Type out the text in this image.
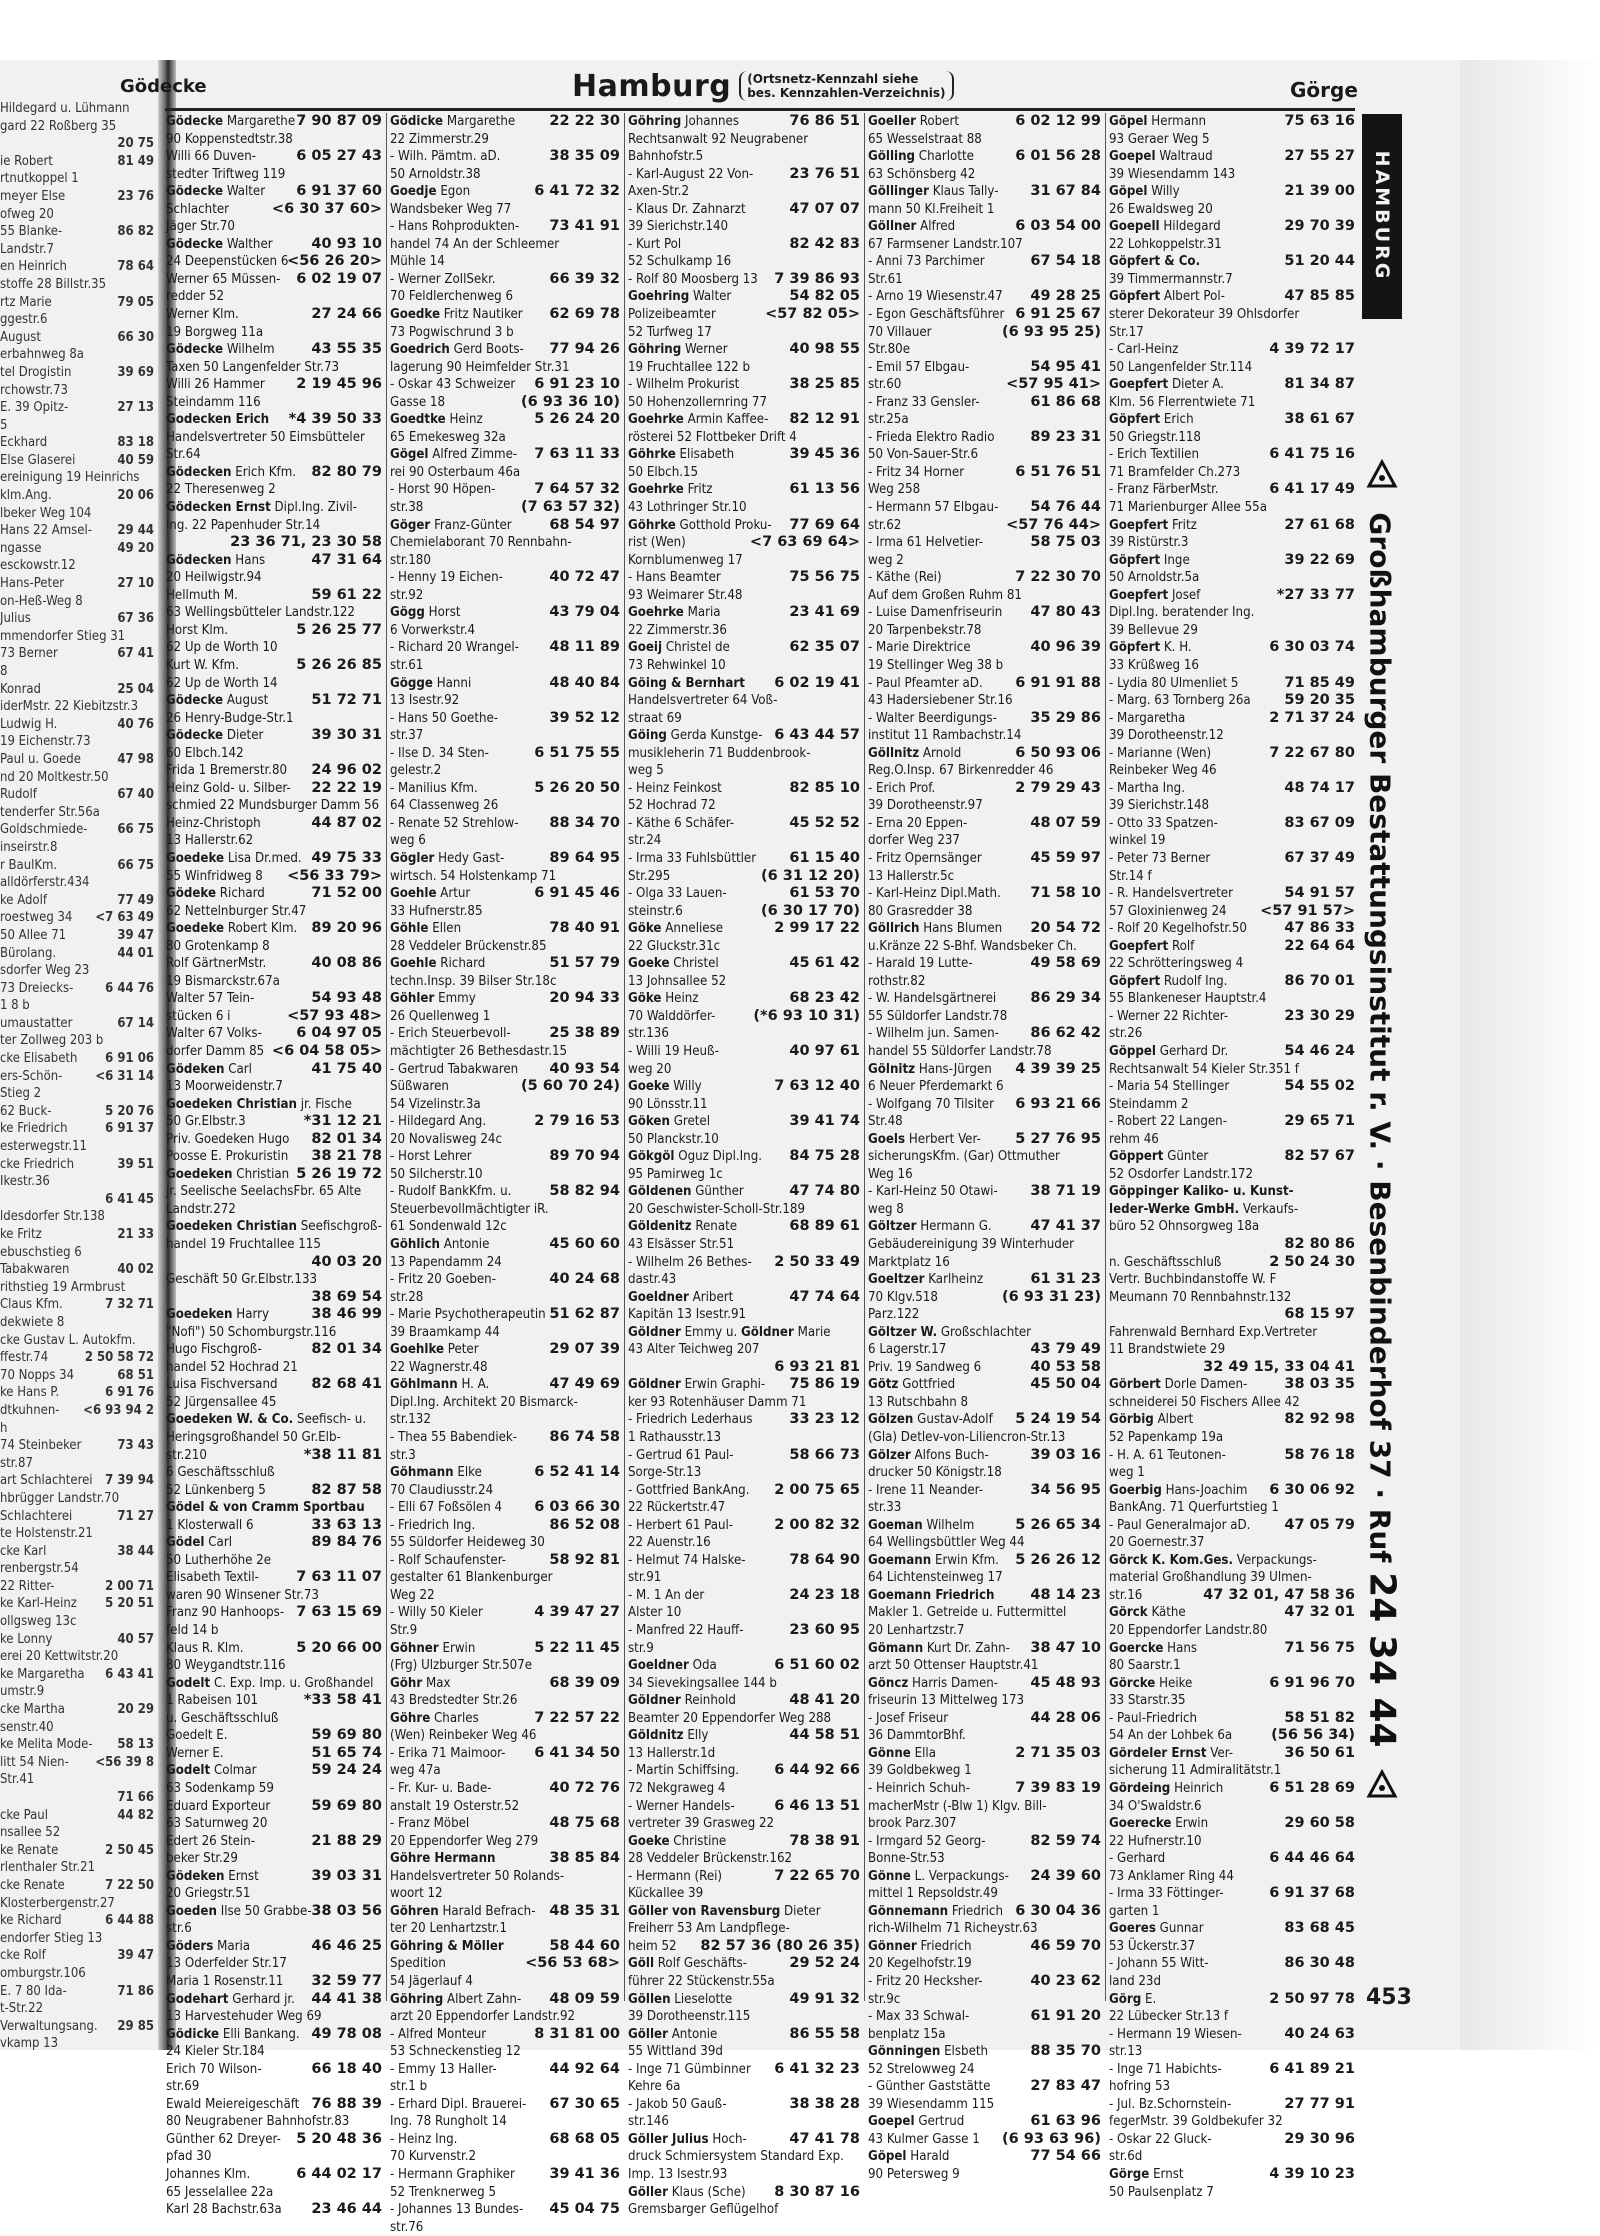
Hildegard u. Lühmann
gard 22 Roßberg 35
20 75
ie Robert	81 49
rtnutkoppel 1
meyer Else	23 76
ofweg 20
55 Blanke-	86 82
Landstr.7
en Heinrich	78 64
stoffe 28 Billstr.35
rtz Marie	79 05
ggestr.6
August	66 30
erbahnweg 8a
tel Drogistin	39 69
rchowstr.73
E. 39 Opitz-	27 13
5
Eckhard	83 18
Else Glaserei	40 59
ereinigung 19 Heinrichs
klm.Ang.	20 06
lbeker Weg 104
Hans 22 Amsel- 29 44
ngasse	49 20
esckowstr.12
Hans-Peter	27 10
on-Heß-Weg 8
Julius	67 36
mmendorfer Stieg 31
73 Berner	67 41
8
Konrad	25 04
iderMstr. 22 Kiebitzstr.3
Ludwig H.	40 76
19 Eichenstr.73
Paul u. Goede	47 98
nd 20 Moltkestr.50
Rudolf	67 40
tenderfer Str.56a
Goldschmiede- 66 75
inseirstr.8
r BaulKm.	66 75
alldörferstr.434
ke Adolf	77 49
roestweg 34 <7 63 49
50 Allee 71	39 47
Bürolang.	44 01
sdorfer Weg 23
73 Dreiecks- 6 44 76
1 8 b
umaustatter	67 14
ter Zollweg 203 b
cke Elisabeth 6 91 06
ers-Schön-	<6 31 14
Stieg 2
62 Buck-	5 20 76
ke Friedrich	6 91 37
esterwegstr.11
cke Friedrich	39 51
Ikestr.36
6 41 45
ldesdorfer Str.138
ke Fritz	21 33
ebuschstieg 6
Tabakwaren	40 02
rithstieg 19 Armbrust
Claus Kfm.	7 32 71
dekwiete 8
cke Gustav L. Autokfm.
ffestr.74	2 50 58 72
70 Nopps 34	68 51
ke Hans P.	6 91 76
dtkuhnen- <6 93 94 2
h
74 Steinbeker	73 43
str.87
art Schlachterei 7 39 94
hbrügger Landstr.70
Schlachterei	71 27
te Holstenstr.21
cke Karl	38 44
renbergstr.54
22 Ritter-	2 00 71
ke Karl-Heinz 5 20 51
ollgsweg 13c
ke Lonny	40 57
erei 20 Kettwitstr.20
ke Margaretha 6 43 41
umstr.9
cke Martha	20 29
senstr.40
ke Melita Mode- 58 13
litt 54 Nien- <56 39 8
Str.41
71 66
cke Paul	44 82
nsallee 52
ke Renate	2 50 45
rlenthaler Str.21
cke Renate	7 22 50
Klosterbergenstr.27
ke Richard	6 44 88
endorfer Stieg 13
cke Rolf	39 47
omburgstr.106
E. 7 80 Ida-	71 86
t-Str.22
Verwaltungsang. 29 85
vkamp 13
Gödecke	Hamburg	(Ortsnetz-Kennzahl siehe
bes. Kennzahlen-Verzeichnis)	Görge
Gödecke Margarethe 7 90 87 09
90 Koppenstedtstr.38
Willi 66 Duven-	6 05 27 43
stedter Triftweg 119
Gödecke Walter	6 91 37 60
Schlachter	<6 30 37 60>
Jäger Str.70
Gödecke Walther	40 93 10
24 Deepenstücken 6
<56 26 20>
Werner 65 Müssen-	6 02 19 07
redder 52
Werner Klm.	27 24 66
19 Borgweg 11a
Gödecke Wilhelm	43 55 35
Taxen 50 Langenfelder Str.73
Willi 26 Hammer	2 19 45 96
Steindamm 116
Godecken Erich	*4 39 50 33
Handelsvertreter 50 Eimsbütteler
Str.64
Gödecken Erich Kfm.	82 80 79
22 Theresenweg 2
Gödecken Ernst Dipl.Ing. Zivil-
ing. 22 Papenhuder Str.14
23 36 71, 23 30 58
Gödecken Hans	47 31 64
20 Heilwigstr.94
Hellmuth M.	59 61 22
63 Wellingsbütteler Landstr.122
Horst Klm.	5 26 25 77
62 Up de Worth 10
Kurt W. Kfm.	5 26 26 85
62 Up de Worth 14
Gödecke August	51 72 71
26 Henry-Budge-Str.1
Gödecke Dieter	39 30 31
60 Elbch.142
Frida 1 Bremerstr.80	24 96 02
Heinz Gold- u. Silber-	22 22 19
schmied 22 Mundsburger Damm 56
Heinz-Christoph	44 87 02
13 Hallerstr.62
Goedeke Lisa Dr.med. 49 75 33
55 Winfridweg 8	<56 33 79>
Gödeke Richard	71 52 00
62 Nettelnburger Str.47
Goedeke Robert Klm. 89 20 96
80 Grotenkamp 8
Rolf GärtnerMstr.	40 08 86
19 Bismarckstr.67a
Walter 57 Tein-	54 93 48
stücken 6 i	<57 93 48>
Walter 67 Volks-	6 04 97 05
dorfer Damm 85 <6 04 58 05>
Gödeken Carl	41 75 40
13 Moorweidenstr.7
Goedeken Christian jr. Fische
50 Gr.Elbstr.3	*31 12 21
Priv. Goedeken Hugo	82 01 34
Poosse E. Prokuristin	38 21 78
Goedeken Christian 5 26 19 72
jr. Seelische SeelachsFbr. 65 Alte
Landstr.272
Goedeken Christian Seefischgroß-
handel 19 Fruchtallee 115
40 03 20
Geschäft 50 Gr.Elbstr.133
38 69 54
Goedeken Harry	38 46 99
"Nofi") 50 Schomburgstr.116
Hugo Fischgroß-	82 01 34
handel 52 Hochrad 21
Luisa Fischversand	82 68 41
52 Jürgensallee 45
Goedeken W. & Co. Seefisch- u.
Heringsgroßhandel 50 Gr.Elb-
str.210	*38 11 81
6 Geschäftsschluß
52 Lünkenberg 5	82 87 58
Gödel & von Cramm Sportbau
1 Klosterwall 6	33 63 13
Gödel Carl	89 84 76
50 Lutherhöhe 2e
Elisabeth Textil-	7 63 11 07
waren 90 Winsener Str.73
Franz 90 Hanhoops- 7 63 15 69
feld 14 b
Klaus R. Klm.	5 20 66 00
80 Weygandtstr.116
Godelt C. Exp. Imp. u. Großhandel
1 Rabeisen 101	*33 58 41
u. Geschäftsschluß
Goedelt E.	59 69 80
Werner E.	51 65 74
Godelt Colmar	59 24 24
63 Sodenkamp 59
Eduard Exporteur	59 69 80
63 Saturnweg 20
Edert 26 Stein-	21 88 29
beker Str.29
Gödeken Ernst	39 03 31
20 Griegstr.51
Goeden Ilse 50 Grabbe- 38 03 56
str.6
Göders Maria	46 46 25
13 Oderfelder Str.17
Maria 1 Rosenstr.11	32 59 77
Godehart Gerhard jr.	44 41 38
13 Harvestehuder Weg 69
Gödicke Elli Bankang. 49 78 08
24 Kieler Str.184
Erich 70 Wilson-	66 18 40
str.69
Ewald Meiereigeschäft 76 88 39
80 Neugrabener Bahnhofstr.83
Günther 62 Dreyer-	5 20 48 36
pfad 30
Johannes Klm.	6 44 02 17
65 Jesselallee 22a
Karl 28 Bachstr.63a	23 46 44
Gödicke Margarethe	22 22 30
22 Zimmerstr.29
- Wilh. Pämtm. aD.	38 35 09
50 Arnoldstr.38
Goedje Egon	6 41 72 32
Wandsbeker Weg 77
- Hans Rohprodukten-	73 41 91
handel 74 An der Schleemer
Mühle 14
- Werner ZollSekr.	66 39 32
70 Feldlerchenweg 6
Goedke Fritz Nautiker	62 69 78
73 Pogwischrund 3 b
Goedrich Gerd Boots-	77 94 26
lagerung 90 Heimfelder Str.31
- Oskar 43 Schweizer	6 91 23 10
Gasse 18	(6 93 36 10)
Goedtke Heinz	5 26 24 20
65 Emekesweg 32a
Gögel Alfred Zimme-	7 63 11 33
rei 90 Osterbaum 46a
- Horst 90 Höpen-	7 64 57 32
str.38	(7 63 57 32)
Göger Franz-Günter	68 54 97
Chemielaborant 70 Rennbahn-
str.180
- Henny 19 Eichen-	40 72 47
str.92
Gögg Horst	43 79 04
6 Vorwerkstr.4
- Richard 20 Wrangel-	48 11 89
str.61
Gögge Hanni	48 40 84
13 Isestr.92
- Hans 50 Goethe-	39 52 12
str.37
- Ilse D. 34 Sten-	6 51 75 55
gelestr.2
- Manilius Kfm.	5 26 20 50
64 Classenweg 26
- Renate 52 Strehlow-	88 34 70
weg 6
Gögler Hedy Gast-	89 64 95
wirtsch. 54 Holstenkamp 71
Goehle Artur	6 91 45 46
33 Hufnerstr.85
Göhle Ellen	78 40 91
28 Veddeler Brückenstr.85
Goehle Richard	51 57 79
techn.Insp. 39 Bilser Str.18c
Göhler Emmy	20 94 33
26 Quellenweg 1
- Erich Steuerbevoll-	25 38 89
mächtigter 26 Bethesdastr.15
- Gertrud Tabakwaren	40 93 54
Süßwaren	(5 60 70 24)
54 Vizelinstr.3a
- Hildegard Ang.	2 79 16 53
20 Novalisweg 24c
- Horst Lehrer	89 70 94
50 Silcherstr.10
- Rudolf BankKfm. u.	58 82 94
Steuerbevollmächtigter iR.
61 Sondenwald 12c
Göhlich Antonie	45 60 60
13 Papendamm 24
- Fritz 20 Goeben-	40 24 68
str.28
- Marie Psychotherapeutin 51 62 87
39 Braamkamp 44
Goehlke Peter	29 07 39
22 Wagnerstr.48
Göhlmann H. A.	47 49 69
Dipl.Ing. Architekt 20 Bismarck-
str.132
- Thea 55 Babendiek-	86 74 58
str.3
Göhmann Elke	6 52 41 14
70 Claudiusstr.24
- Elli 67 Foßsölen 4	6 03 66 30
- Friedrich Ing.	86 52 08
55 Süldorfer Heideweg 30
- Rolf Schaufenster-	58 92 81
gestalter 61 Blankenburger
Weg 22
- Willy 50 Kieler	4 39 47 27
Str.9
Göhner Erwin	5 22 11 45
(Frg) Ulzburger Str.507e
Göhr Max	68 39 09
43 Bredstedter Str.26
Göhre Charles	7 22 57 22
(Wen) Reinbeker Weg 46
- Erika 71 Maimoor-	6 41 34 50
weg 47a
- Fr. Kur- u. Bade-	40 72 76
anstalt 19 Osterstr.52
- Franz Möbel	48 75 68
20 Eppendorfer Weg 279
Göhre Hermann	38 85 84
Handelsvertreter 50 Rolands-
woort 12
Göhren Harald Befrach- 48 35 31
ter 20 Lenhartzstr.1
Göhring & Möller	58 44 60
Spedition	<56 53 68>
54 Jägerlauf 4
Göhring Albert Zahn-	48 09 59
arzt 20 Eppendorfer Landstr.92
- Alfred Monteur	8 31 81 00
53 Schneckenstieg 12
- Emmy 13 Haller-	44 92 64
str.1 b
- Erhard Dipl. Brauerei-	67 30 65
Ing. 78 Rungholt 14
- Heinz Ing.	68 68 05
70 Kurvenstr.2
- Hermann Graphiker	39 41 36
52 Trenknerweg 5
- Johannes 13 Bundes-	45 04 75
str.76
Göhring Johannes	76 86 51
Rechtsanwalt 92 Neugrabener
Bahnhofstr.5
- Karl-August 22 Von-	23 76 51
Axen-Str.2
- Klaus Dr. Zahnarzt	47 07 07
39 Sierichstr.140
- Kurt Pol	82 42 83
52 Schulkamp 16
- Rolf 80 Moosberg 13	7 39 86 93
Goehring Walter	54 82 05
Polizeibeamter	<57 82 05>
52 Turfweg 17
Göhring Werner	40 98 55
19 Fruchtallee 122 b
- Wilhelm Prokurist	38 25 85
50 Hohenzollernring 77
Goehrke Armin Kaffee-	82 12 91
rösterei 52 Flottbeker Drift 4
Göhrke Elisabeth	39 45 36
50 Elbch.15
Goehrke Fritz	61 13 56
43 Lothringer Str.10
Göhrke Gotthold Proku-	77 69 64
rist (Wen)	<7 63 69 64>
Kornblumenweg 17
- Hans Beamter	75 56 75
93 Weimarer Str.48
Goehrke Maria	23 41 69
22 Zimmerstr.36
Goeij Christel de	62 35 07
73 Rehwinkel 10
Göing & Bernhart	6 02 19 41
Handelsvertreter 64 Voß-
straat 69
Göing Gerda Kunstge- 6 43 44 57
musikleherin 71 Buddenbrook-
weg 5
- Heinz Feinkost	82 85 10
52 Hochrad 72
- Käthe 6 Schäfer-	45 52 52
str.24
- Irma 33 Fuhlsbüttler	61 15 40
Str.295	(6 31 12 20)
- Olga 33 Lauen-	61 53 70
steinstr.6	(6 30 17 70)
Göke Anneliese	2 99 17 22
22 Gluckstr.31c
Goeke Christel	45 61 42
13 Johnsallee 52
Göke Heinz	68 23 42
70 Walddörfer-	(*6 93 10 31)
str.136
- Willi 19 Heuß-	40 97 61
weg 20
Goeke Willy	7 63 12 40
90 Lönsstr.11
Göken Gretel	39 41 74
50 Planckstr.10
Gökgöl Oguz Dipl.Ing.	84 75 28
95 Pamirweg 1c
Göldenen Günther	47 74 80
20 Geschwister-Scholl-Str.189
Göldenitz Renate	68 89 61
43 Elsässer Str.51
- Wilhelm 26 Bethes-	2 50 33 49
dastr.43
Goeldner Aribert	47 74 64
Kapitän 13 Isestr.91
Göldner Emmy u. Göldner Marie
43 Alter Teichweg 207
6 93 21 81
Göldner Erwin Graphi-	75 86 19
ker 93 Rotenhäuser Damm 71
- Friedrich Lederhaus	33 23 12
1 Rathausstr.13
- Gertrud 61 Paul-	58 66 73
Sorge-Str.13
- Gottfried BankAng.	2 00 75 65
22 Rückertstr.47
- Herbert 61 Paul-	2 00 82 32
22 Auenstr.16
- Helmut 74 Halske-	78 64 90
str.91
- M. 1 An der	24 23 18
Alster 10
- Manfred 22 Hauff-	23 60 95
str.9
Goeldner Oda	6 51 60 02
34 Sievekingsallee 144 b
Göldner Reinhold	48 41 20
Beamter 20 Eppendorfer Weg 288
Göldnitz Elly	44 58 51
13 Hallerstr.1d
- Martin Schiffsing.	6 44 92 66
72 Nekgraweg 4
- Werner Handels-	6 46 13 51
vertreter 39 Grasweg 22
Goeke Christine	78 38 91
28 Veddeler Brückenstr.162
- Hermann (Rei)	7 22 65 70
Kückallee 39
Göller von Ravensburg Dieter
Freiherr 53 Am Landpflege-
heim 52	82 57 36 (80 26 35)
Göll Rolf Geschäfts-	29 52 24
führer 22 Stückenstr.55a
Göllen Lieselotte	49 91 32
39 Dorotheenstr.115
Göller Antonie	86 55 58
55 Wittland 39d
- Inge 71 Gümbinner	6 41 32 23
Kehre 6a
- Jakob 50 Gauß-	38 38 28
str.146
Göller Julius Hoch-	47 41 78
druck Schmiersystem Standard Exp.
Imp. 13 Isestr.93
Göller Klaus (Sche)	8 30 87 16
Gremsbarger Geflügelhof
Goeller Robert	6 02 12 99
65 Wesselstraat 88
Gölling Charlotte	6 01 56 28
63 Schönsberg 42
Göllinger Klaus Tally-	31 67 84
mann 50 Kl.Freiheit 1
Göllner Alfred	6 03 54 00
67 Farmsener Landstr.107
- Anni 73 Parchimer	67 54 18
Str.61
- Arno 19 Wiesenstr.47	49 28 25
- Egon Geschäftsführer 6 91 25 67
70 Villauer	(6 93 95 25)
Str.80e
- Emil 57 Elbgau-	54 95 41
str.60	<57 95 41>
- Franz 33 Gensler-	61 86 68
str.25a
- Frieda Elektro Radio	89 23 31
50 Von-Sauer-Str.6
- Fritz 34 Horner	6 51 76 51
Weg 258
- Hermann 57 Elbgau-	54 76 44
str.62	<57 76 44>
- Irma 61 Helvetier-	58 75 03
weg 2
- Käthe (Rei)	7 22 30 70
Auf dem Großen Ruhm 81
- Luise Damenfriseurin	47 80 43
20 Tarpenbekstr.78
- Marie Direktrice	40 96 39
19 Stellinger Weg 38 b
- Paul Pfeamter aD.	6 91 91 88
43 Hadersiebener Str.16
- Walter Beerdigungs-	35 29 86
institut 11 Rambachstr.14
Göllnitz Arnold	6 50 93 06
Reg.O.Insp. 67 Birkenredder 46
- Erich Prof.	2 79 29 43
39 Dorotheenstr.97
- Erna 20 Eppen-	48 07 59
dorfer Weg 237
- Fritz Opernsänger	45 59 97
13 Hallerstr.5c
- Karl-Heinz Dipl.Math.	71 58 10
80 Grasredder 38
Göllrich Hans Blumen	20 54 72
u.Kränze 22 S-Bhf. Wandsbeker Ch.
- Harald 19 Lutte-	49 58 69
rothstr.82
- W. Handelsgärtnerei	86 29 34
55 Süldorfer Landstr.78
- Wilhelm jun. Samen-	86 62 42
handel 55 Süldorfer Landstr.78
Gölnitz Hans-Jürgen	4 39 39 25
6 Neuer Pferdemarkt 6
- Wolfgang 70 Tilsiter	6 93 21 66
Str.48
Goels Herbert Ver-	5 27 76 95
sicherungsKfm. (Gar) Ottmuther
Weg 16
- Karl-Heinz 50 Otawi-	38 71 19
weg 8
Göltzer Hermann G.	47 41 37
Gebäudereinigung 39 Winterhuder
Marktplatz 16
Goeltzer Karlheinz	61 31 23
70 Klgv.518	(6 93 31 23)
Parz.122
Göltzer W. Großschlachter
6 Lagerstr.17	43 79 49
Priv. 19 Sandweg 6	40 53 58
Götz Gottfried	45 50 04
13 Rutschbahn 8
Gölzen Gustav-Adolf	5 24 19 54
(Gla) Detlev-von-Liliencron-Str.13
Gölzer Alfons Buch-	39 03 16
drucker 50 Königstr.18
- Irene 11 Neander-	34 56 95
str.33
Goeman Wilhelm	5 26 65 34
64 Wellingsbüttler Weg 44
Goemann Erwin Kfm.	5 26 26 12
64 Lichtensteinweg 17
Goemann Friedrich	48 14 23
Makler 1. Getreide u. Futtermittel
20 Lenhartzstr.7
Gömann Kurt Dr. Zahn-	38 47 10
arzt 50 Ottenser Hauptstr.41
Göncz Harris Damen-	45 48 93
friseurin 13 Mittelweg 173
- Josef Friseur	44 28 06
36 DammtorBhf.
Gönne Ella	2 71 35 03
39 Goldbekweg 1
- Heinrich Schuh-	7 39 83 19
macherMstr (-Blw 1) Klgv. Bill-
brook Parz.307
- Irmgard 52 Georg-	82 59 74
Bonne-Str.53
Gönne L. Verpackungs-	24 39 60
mittel 1 Repsoldstr.49
Gönnemann Friedrich 6 30 04 36
rich-Wilhelm 71 Richeystr.63
Gönner Friedrich	46 59 70
20 Kegelhofstr.19
- Fritz 20 Hecksher-	40 23 62
str.9c
- Max 33 Schwal-	61 91 20
benplatz 15a
Gönningen Elsbeth	88 35 70
52 Strelowweg 24
- Günther Gaststätte	27 83 47
39 Wiesendamm 115
Goepel Gertrud	61 63 96
43 Kulmer Gasse 1	(6 93 63 96)
Göpel Harald	77 54 66
90 Petersweg 9
Göpel Hermann	75 63 16
93 Geraer Weg 5
Goepel Waltraud	27 55 27
39 Wiesendamm 143
Göpel Willy	21 39 00
26 Ewaldsweg 20
Goepell Hildegard	29 70 39
22 Lohkoppelstr.31
Göpfert & Co.	51 20 44
39 Timmermannstr.7
Göpfert Albert Pol-	47 85 85
sterer Dekorateur 39 Ohlsdorfer
Str.17
- Carl-Heinz	4 39 72 17
50 Langenfelder Str.114
Goepfert Dieter A.	81 34 87
Klm. 56 Flerrentwiete 71
Göpfert Erich	38 61 67
50 Griegstr.118
- Erich Textilien	6 41 75 16
71 Bramfelder Ch.273
- Franz FärberMstr.	6 41 17 49
71 Marienburger Allee 55a
Goepfert Fritz	27 61 68
39 Ristürstr.3
Göpfert Inge	39 22 69
50 Arnoldstr.5a
Goepfert Josef	*27 33 77
Dipl.Ing. beratender Ing.
39 Bellevue 29
Göpfert K. H.	6 30 03 74
33 Krüßweg 16
- Lydia 80 Ulmenliet 5	71 85 49
- Marg. 63 Tornberg 26a	59 20 35
- Margaretha	2 71 37 24
39 Dorotheenstr.12
- Marianne (Wen)	7 22 67 80
Reinbeker Weg 46
- Martha Ing.	48 74 17
39 Sierichstr.148
- Otto 33 Spatzen-	83 67 09
winkel 19
- Peter 73 Berner	67 37 49
Str.14 f
- R. Handelsvertreter	54 91 57
57 Gloxinienweg 24	<57 91 57>
- Rolf 20 Kegelhofstr.50	47 86 33
Goepfert Rolf	22 64 64
22 Schrötteringsweg 4
Göpfert Rudolf Ing.	86 70 01
55 Blankeneser Hauptstr.4
- Werner 22 Richter-	23 30 29
str.26
Göppel Gerhard Dr.	54 46 24
Rechtsanwalt 54 Kieler Str.351 f
- Maria 54 Stellinger	54 55 02
Steindamm 2
- Robert 22 Langen-	29 65 71
rehm 46
Göppert Günter	82 57 67
52 Osdorfer Landstr.172
Göppinger Kaliko- u. Kunst-
leder-Werke GmbH. Verkaufs-
büro 52 Ohnsorgweg 18a
82 80 86
n. Geschäftsschluß	2 50 24 30
Vertr. Buchbindanstoffe W. F
Meumann 70 Rennbahnstr.132
68 15 97
Fahrenwald Bernhard Exp.Vertreter
11 Brandstwiete 29
32 49 15, 33 04 41
Görbert Dorle Damen-	38 03 35
schneiderei 50 Fischers Allee 42
Görbig Albert	82 92 98
52 Papenkamp 19a
- H. A. 61 Teutonen-	58 76 18
weg 1
Goerbig Hans-Joachim	6 30 06 92
BankAng. 71 Querfurtstieg 1
- Paul Generalmajor aD.	47 05 79
20 Goernestr.37
Görck K. Kom.Ges. Verpackungs-
material Großhandlung 39 Ulmen-
str.16	47 32 01, 47 58 36
Görck Käthe	47 32 01
20 Eppendorfer Landstr.80
Goercke Hans	71 56 75
80 Saarstr.1
Görcke Heike	6 91 96 70
33 Starstr.35
- Paul-Friedrich	58 51 82
54 An der Lohbek 6a	(56 56 34)
Gördeler Ernst Ver-	36 50 61
sicherung 11 Admiralitätstr.1
Gördeing Heinrich	6 51 28 69
34 O'Swaldstr.6
Goerecke Erwin	29 60 58
22 Hufnerstr.10
- Gerhard	6 44 46 64
73 Anklamer Ring 44
- Irma 33 Föttinger-	6 91 37 68
garten 1
Goeres Gunnar	83 68 45
53 Ückerstr.37
- Johann 55 Witt-	86 30 48
land 23d
Görg E.	2 50 97 78
22 Lübecker Str.13 f
- Hermann 19 Wiesen-	40 24 63
str.13
- Inge 71 Habichts-	6 41 89 21
hofring 53
- Jul. Bz.Schornstein-	27 77 91
fegerMstr. 39 Goldbekufer 32
- Oskar 22 Gluck-	29 30 96
str.6d
Görge Ernst	4 39 10 23
50 Paulsenplatz 7
HAMBURG
Großhamburger Bestattungsinstitut r. V. · Besenbinderhof 37 · Ruf 24 34 44
453
